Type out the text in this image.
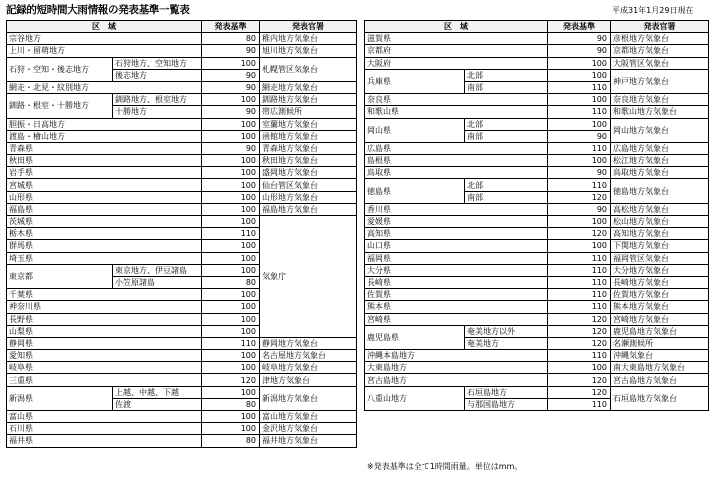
記録的短時間大雨情報の発表基準一覧表	平成31年1月29日現在
区　域		発表基準	発表官署
宗谷地方		80	稚内地方気象台
上川・留萌地方		90	旭川地方気象台
石狩・空知・後志地方	石狩地方、空知地方	100	札幌管区気象台
	後志地方	90	
網走・北見・紋別地方		90	網走地方気象台
釧路・根室・十勝地方	釧路地方、根室地方	100	釧路地方気象台
	十勝地方	90	帯広測候所
胆振・日高地方		100	室蘭地方気象台
渡島・檜山地方		100	函館地方気象台
青森県		90	青森地方気象台
秋田県		100	秋田地方気象台
岩手県		100	盛岡地方気象台
宮城県		100	仙台管区気象台
山形県		100	山形地方気象台
福島県		100	福島地方気象台
茨城県		100	気象庁
栃木県		110	
群馬県		100	
埼玉県		100	
東京都	東京地方、伊豆諸島	100	
	小笠原諸島	80	
千葉県		100	
神奈川県		100	
長野県		100	
山梨県		100	
静岡県		110	静岡地方気象台
愛知県		100	名古屋地方気象台
岐阜県		100	岐阜地方気象台
三重県		120	津地方気象台
新潟県	上越、中越、下越	100	新潟地方気象台
	佐渡	80	
富山県		100	富山地方気象台
石川県		100	金沢地方気象台
福井県		80	福井地方気象台
区　域		発表基準	発表官署
滋賀県		90	彦根地方気象台
京都府		90	京都地方気象台
大阪府		100	大阪管区気象台
兵庫県	北部	100	神戸地方気象台
	南部	110	
奈良県		100	奈良地方気象台
和歌山県		110	和歌山地方気象台
岡山県	北部	100	岡山地方気象台
	南部	90	
広島県		110	広島地方気象台
島根県		100	松江地方気象台
鳥取県		90	鳥取地方気象台
徳島県	北部	110	徳島地方気象台
	南部	120	
香川県		90	高松地方気象台
愛媛県		100	松山地方気象台
高知県		120	高知地方気象台
山口県		100	下関地方気象台
福岡県		110	福岡管区気象台
大分県		110	大分地方気象台
長崎県		110	長崎地方気象台
佐賀県		110	佐賀地方気象台
熊本県		110	熊本地方気象台
宮崎県		120	宮崎地方気象台
鹿児島県	奄美地方以外	120	鹿児島地方気象台
	奄美地方	120	名瀬測候所
沖縄本島地方		110	沖縄気象台
大東島地方		100	南大東島地方気象台
宮古島地方		120	宮古島地方気象台
八重山地方	石垣島地方	120	石垣島地方気象台
	与那国島地方	110	
※発表基準は全て1時間雨量。単位はmm。
